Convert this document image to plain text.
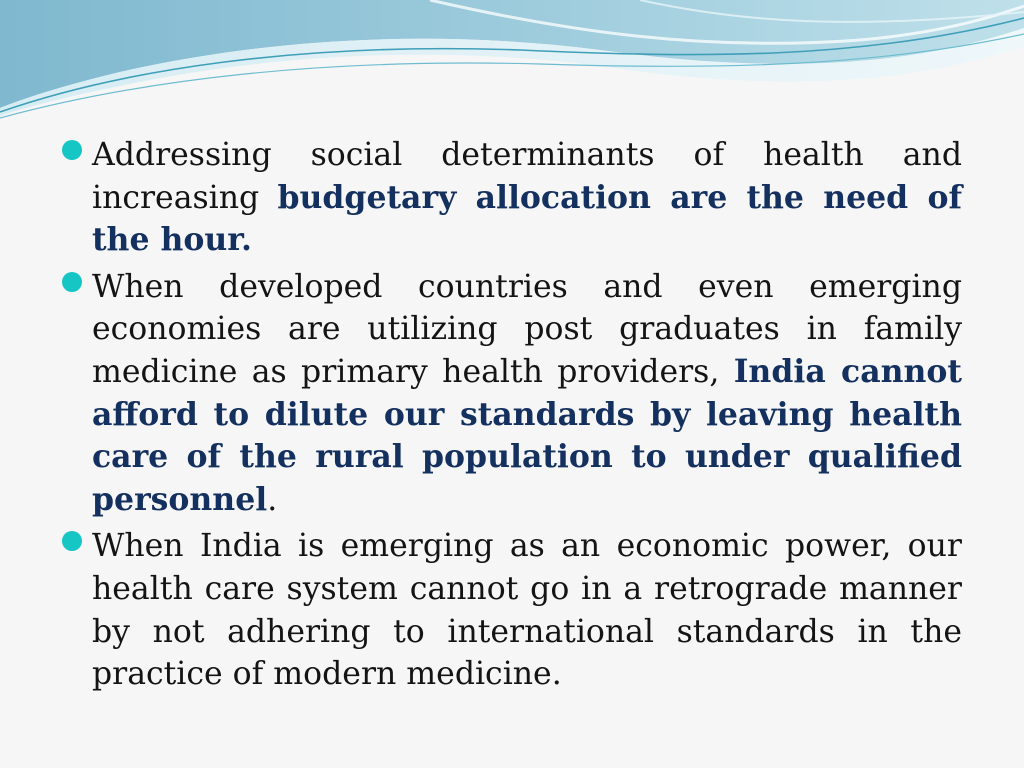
Addressing social determinants of health and increasing budgetary allocation are the need of the hour.
When developed countries and even emerging economies are utilizing post graduates in family medicine as primary health providers, India cannot afford to dilute our standards by leaving health care of the rural population to under qualified personnel.
When India is emerging as an economic power, our health care system cannot go in a retrograde manner by not adhering to international standards in the practice of modern medicine.
